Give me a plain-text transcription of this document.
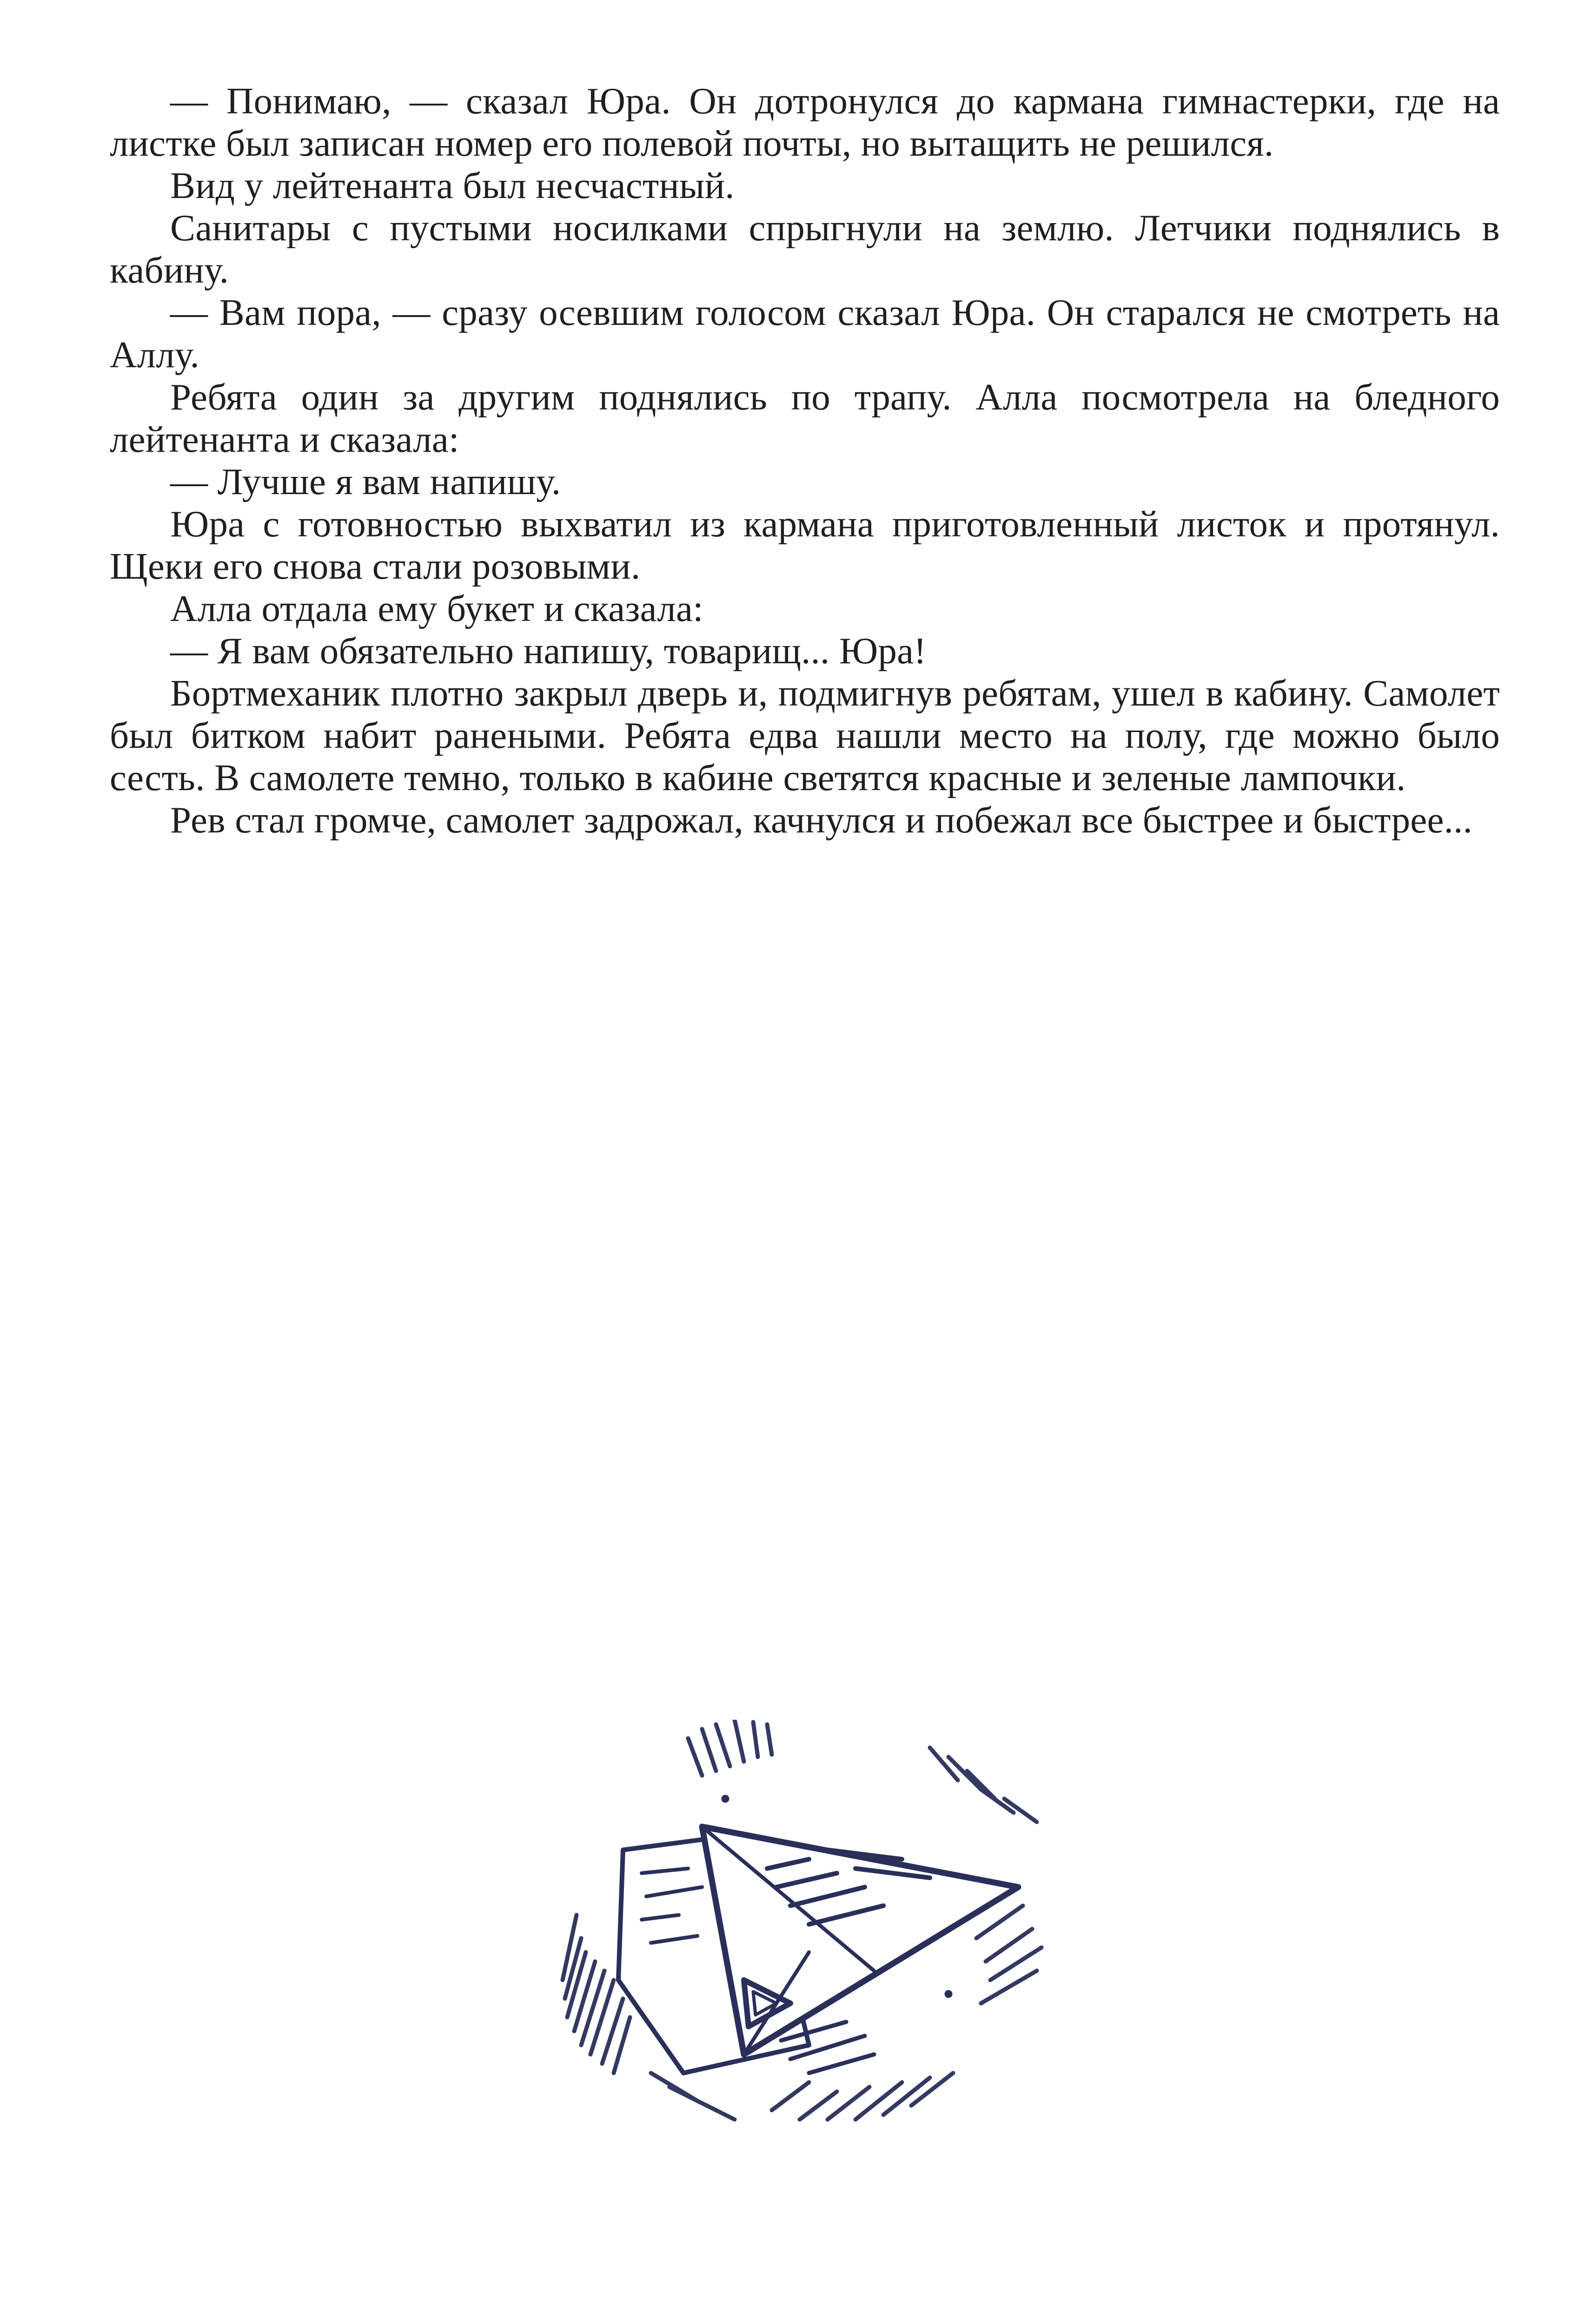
— Понимаю, — сказал Юра. Он дотронулся до кармана гимнастерки, где на листке был записан номер его полевой почты, но вытащить не решился.

Вид у лейтенанта был несчастный.

Санитары с пустыми носилками спрыгнули на землю. Летчики поднялись в кабину.

— Вам пора, — сразу осевшим голосом сказал Юра. Он старался не смотреть на Аллу.

Ребята один за другим поднялись по трапу. Алла посмотрела на бледного лейтенанта и сказала:

— Лучше я вам напишу.

Юра с готовностью выхватил из кармана приготовленный листок и протянул. Щеки его снова стали розовыми.

Алла отдала ему букет и сказала:

— Я вам обязательно напишу, товарищ... Юра!

Бортмеханик плотно закрыл дверь и, подмигнув ребятам, ушел в кабину. Самолет был битком набит ранеными. Ребята едва нашли место на полу, где можно было сесть. В самолете темно, только в кабине светятся красные и зеленые лампочки.

Рев стал громче, самолет задрожал, качнулся и побежал все быстрее и быстрее...
